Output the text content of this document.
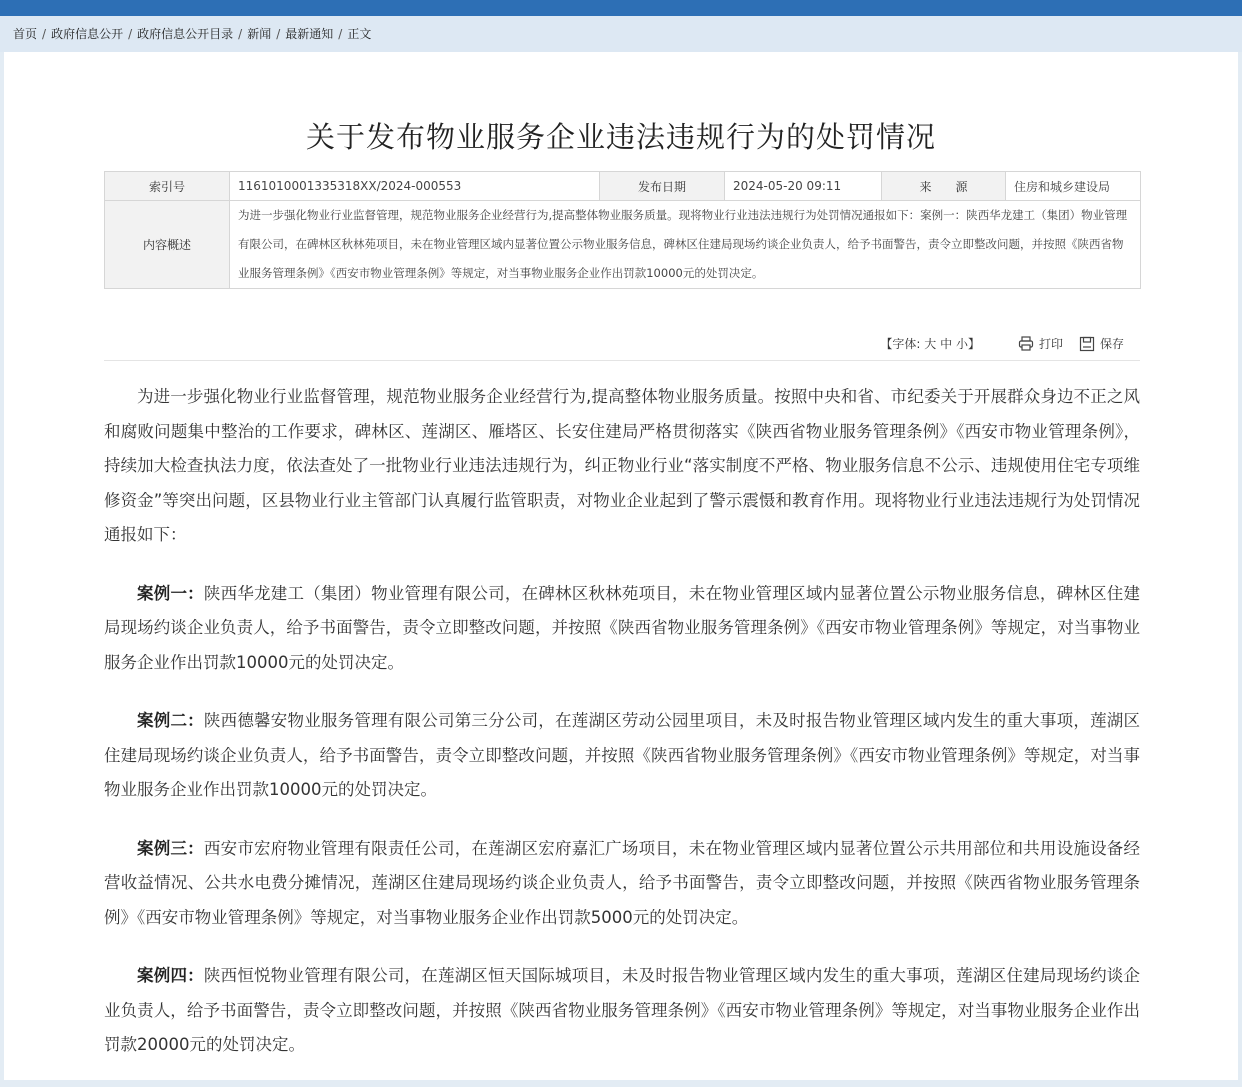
首页 / 政府信息公开 / 政府信息公开目录 / 新闻 / 最新通知 / 正文
关于发布物业服务企业违法违规行为的处罚情况
索引号	1161010001335318XX/2024-000553	发布日期	2024-05-20 09:11	来　　源	住房和城乡建设局
内容概述	为进一步强化物业行业监督管理，规范物业服务企业经营行为,提高整体物业服务质量。现将物业行业违法违规行为处罚情况通报如下：案例一：陕西华龙建工（集团）物业管理有限公司，在碑林区秋林苑项目，未在物业管理区域内显著位置公示物业服务信息，碑林区住建局现场约谈企业负责人，给予书面警告，责令立即整改问题，并按照《陕西省物业服务管理条例》《西安市物业管理条例》等规定，对当事物业服务企业作出罚款10000元的处罚决定。				
【字体: 大 中 小】	打印	保存

为进一步强化物业行业监督管理，规范物业服务企业经营行为,提高整体物业服务质量。按照中央和省、市纪委关于开展群众身边不正之风和腐败问题集中整治的工作要求，碑林区、莲湖区、雁塔区、长安住建局严格贯彻落实《陕西省物业服务管理条例》《西安市物业管理条例》，持续加大检查执法力度，依法查处了一批物业行业违法违规行为，纠正物业行业“落实制度不严格、物业服务信息不公示、违规使用住宅专项维修资金”等突出问题，区县物业行业主管部门认真履行监管职责，对物业企业起到了警示震慑和教育作用。现将物业行业违法违规行为处罚情况通报如下：

案例一：陕西华龙建工（集团）物业管理有限公司，在碑林区秋林苑项目，未在物业管理区域内显著位置公示物业服务信息，碑林区住建局现场约谈企业负责人，给予书面警告，责令立即整改问题，并按照《陕西省物业服务管理条例》《西安市物业管理条例》等规定，对当事物业服务企业作出罚款10000元的处罚决定。

案例二：陕西德馨安物业服务管理有限公司第三分公司，在莲湖区劳动公园里项目，未及时报告物业管理区域内发生的重大事项，莲湖区住建局现场约谈企业负责人，给予书面警告，责令立即整改问题，并按照《陕西省物业服务管理条例》《西安市物业管理条例》等规定，对当事物业服务企业作出罚款10000元的处罚决定。

案例三：西安市宏府物业管理有限责任公司，在莲湖区宏府嘉汇广场项目，未在物业管理区域内显著位置公示共用部位和共用设施设备经营收益情况、公共水电费分摊情况，莲湖区住建局现场约谈企业负责人，给予书面警告，责令立即整改问题，并按照《陕西省物业服务管理条例》《西安市物业管理条例》等规定，对当事物业服务企业作出罚款5000元的处罚决定。

案例四：陕西恒悦物业管理有限公司，在莲湖区恒天国际城项目，未及时报告物业管理区域内发生的重大事项，莲湖区住建局现场约谈企业负责人，给予书面警告，责令立即整改问题，并按照《陕西省物业服务管理条例》《西安市物业管理条例》等规定，对当事物业服务企业作出罚款20000元的处罚决定。
